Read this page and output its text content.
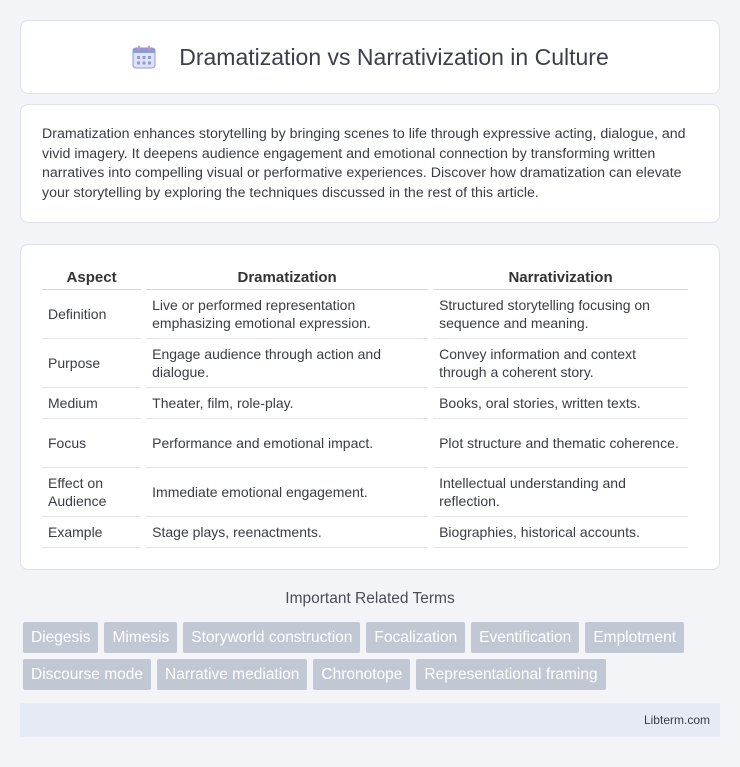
Dramatization vs Narrativization in Culture

Dramatization enhances storytelling by bringing scenes to life through expressive acting, dialogue, and vivid imagery. It deepens audience engagement and emotional connection by transforming written narratives into compelling visual or performative experiences. Discover how dramatization can elevate your storytelling by exploring the techniques discussed in the rest of this article.

Aspect	Dramatization	Narrativization
Definition	Live or performed representation emphasizing emotional expression.	Structured storytelling focusing on sequence and meaning.
Purpose	Engage audience through action and dialogue.	Convey information and context through a coherent story.
Medium	Theater, film, role-play.	Books, oral stories, written texts.
Focus	Performance and emotional impact.	Plot structure and thematic coherence.
Effect on Audience	Immediate emotional engagement.	Intellectual understanding and reflection.
Example	Stage plays, reenactments.	Biographies, historical accounts.
Important Related Terms
Diegesis	Mimesis	Storyworld construction	Focalization	Eventification	Emplotment
Discourse mode	Narrative mediation	Chronotope	Representational framing
Libterm.com
